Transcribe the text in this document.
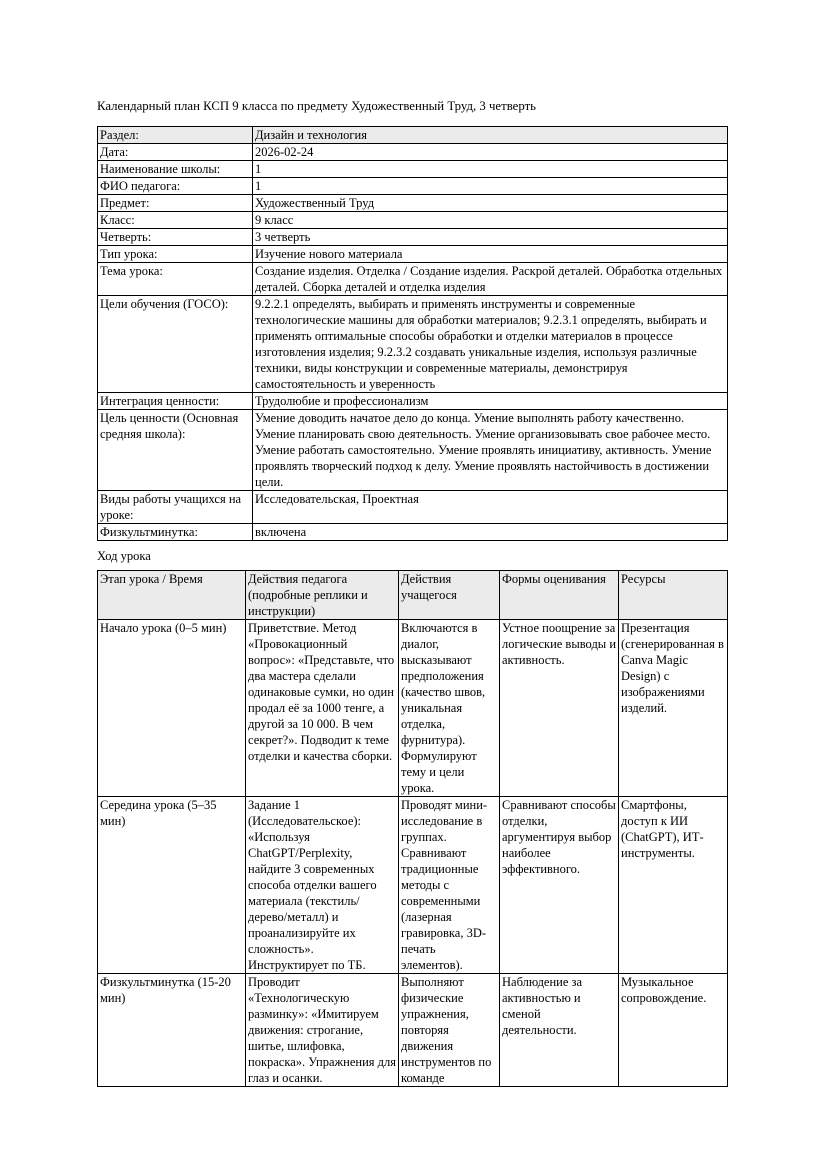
Календарный план КСП 9 класса по предмету Художественный Труд, 3 четверть

Раздел:	Дизайн и технология
Дата:	2026-02-24
Наименование школы:	1
ФИО педагога:	1
Предмет:	Художественный Труд
Класс:	9 класс
Четверть:	3 четверть
Тип урока:	Изучение нового материала
Тема урока:	Создание изделия. Отделка / Создание изделия. Раскрой деталей. Обработка отдельных деталей. Сборка деталей и отделка изделия
Цели обучения (ГОСО):	9.2.2.1 определять, выбирать и применять инструменты и современные технологические машины для обработки материалов; 9.2.3.1 определять, выбирать и применять оптимальные способы обработки и отделки материалов в процессе изготовления изделия; 9.2.3.2 создавать уникальные изделия, используя различные техники, виды конструкции и современные материалы, демонстрируя самостоятельность и уверенность
Интеграция ценности:	Трудолюбие и профессионализм
Цель ценности (Основная средняя школа):	Умение доводить начатое дело до конца. Умение выполнять работу качественно. Умение планировать свою деятельность. Умение организовывать свое рабочее место. Умение работать самостоятельно. Умение проявлять инициативу, активность. Умение проявлять творческий подход к делу. Умение проявлять настойчивость в достижении цели.
Виды работы учащихся на уроке:	Исследовательская, Проектная
Физкультминутка:	включена

Ход урока

Этап урока / Время	Действия педагога (подробные реплики и инструкции)	Действия учащегося	Формы оценивания	Ресурсы
Начало урока (0–5 мин)	Приветствие. Метод «Провокационный вопрос»: «Представьте, что два мастера сделали одинаковые сумки, но один продал её за 1000 тенге, а другой за 10 000. В чем секрет?». Подводит к теме отделки и качества сборки.	Включаются в диалог, высказывают предположения (качество швов, уникальная отделка, фурнитура). Формулируют тему и цели урока.	Устное поощрение за логические выводы и активность.	Презентация (сгенерированная в Canva Magic Design) с изображениями изделий.
Середина урока (5–35 мин)	Задание 1 (Исследовательское): «Используя ChatGPT/Perplexity, найдите 3 современных способа отделки вашего материала (текстиль/дерево/металл) и проанализируйте их сложность». Инструктирует по ТБ.	Проводят мини-исследование в группах. Сравнивают традиционные методы с современными (лазерная гравировка, 3D-печать элементов).	Сравнивают способы отделки, аргументируя выбор наиболее эффективного.	Смартфоны, доступ к ИИ (ChatGPT), ИТ-инструменты.
Физкультминутка (15-20 мин)	Проводит «Технологическую разминку»: «Имитируем движения: строгание, шитье, шлифовка, покраска». Упражнения для глаз и осанки.	Выполняют физические упражнения, повторяя движения инструментов по команде	Наблюдение за активностью и сменой деятельности.	Музыкальное сопровождение.
